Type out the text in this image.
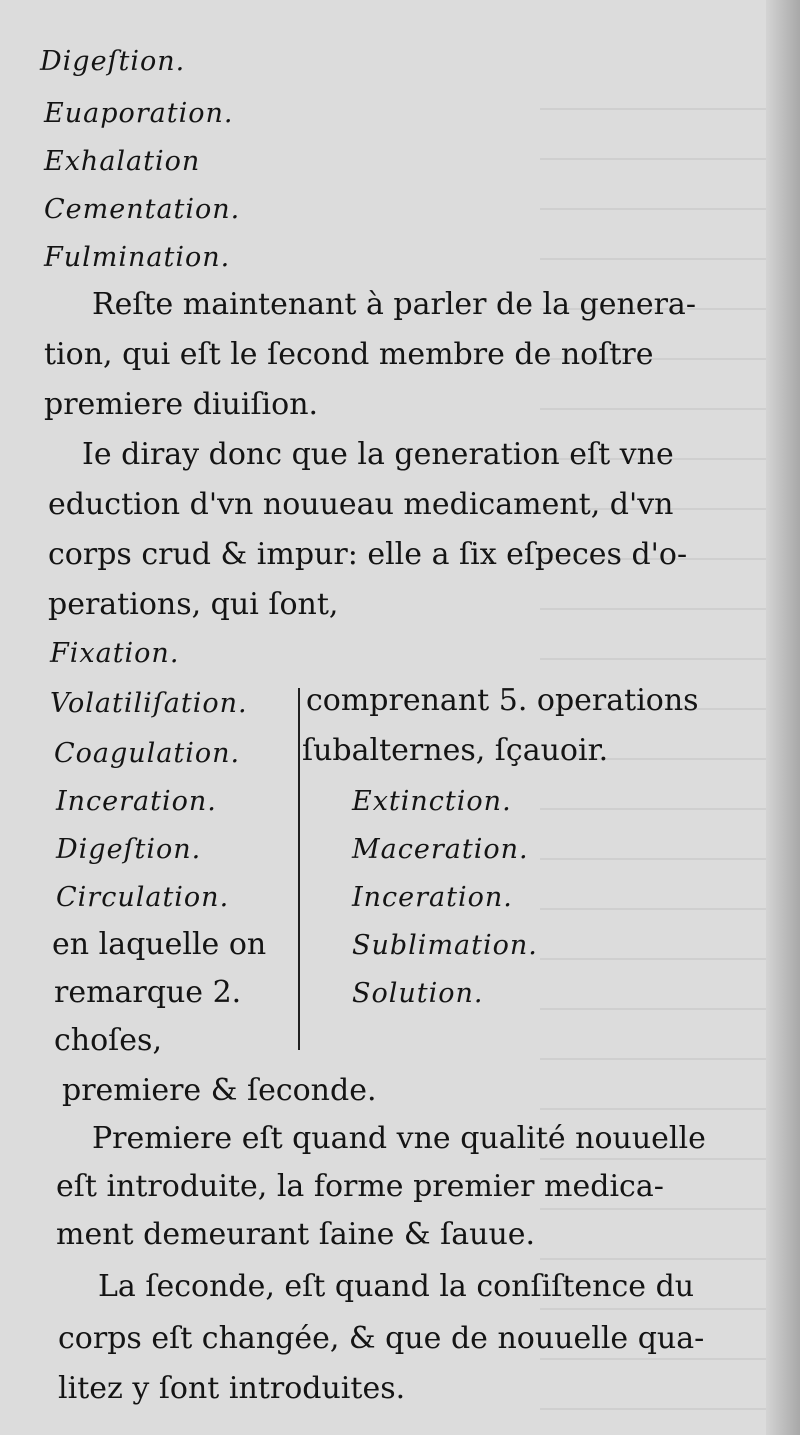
Digeſtion.
Euaporation.
Exhalation
Cementation.
Fulmination.
Reſte maintenant à parler de la genera-
tion, qui eſt le ſecond membre de noſtre
premiere diuiſion.
Ie diray donc que la generation eſt vne
eduction d'vn nouueau medicament, d'vn
corps crud & impur: elle a ſix eſpeces d'o-
perations, qui ſont,
Fixation.
Volatiliſation.
Coagulation.
Inceration.
Digeſtion.
Circulation.
en laquelle on
remarque 2.
choſes,
premiere & ſeconde.
comprenant 5. operations
ſubalternes, ſçauoir.
Extinction.
Maceration.
Inceration.
Sublimation.
Solution.
Premiere eſt quand vne qualité nouuelle
eſt introduite, la forme premier medica-
ment demeurant ſaine & ſauue.
La ſeconde, eſt quand la conſiſtence du
corps eſt changée, & que de nouuelle qua-
litez y ſont introduites.
